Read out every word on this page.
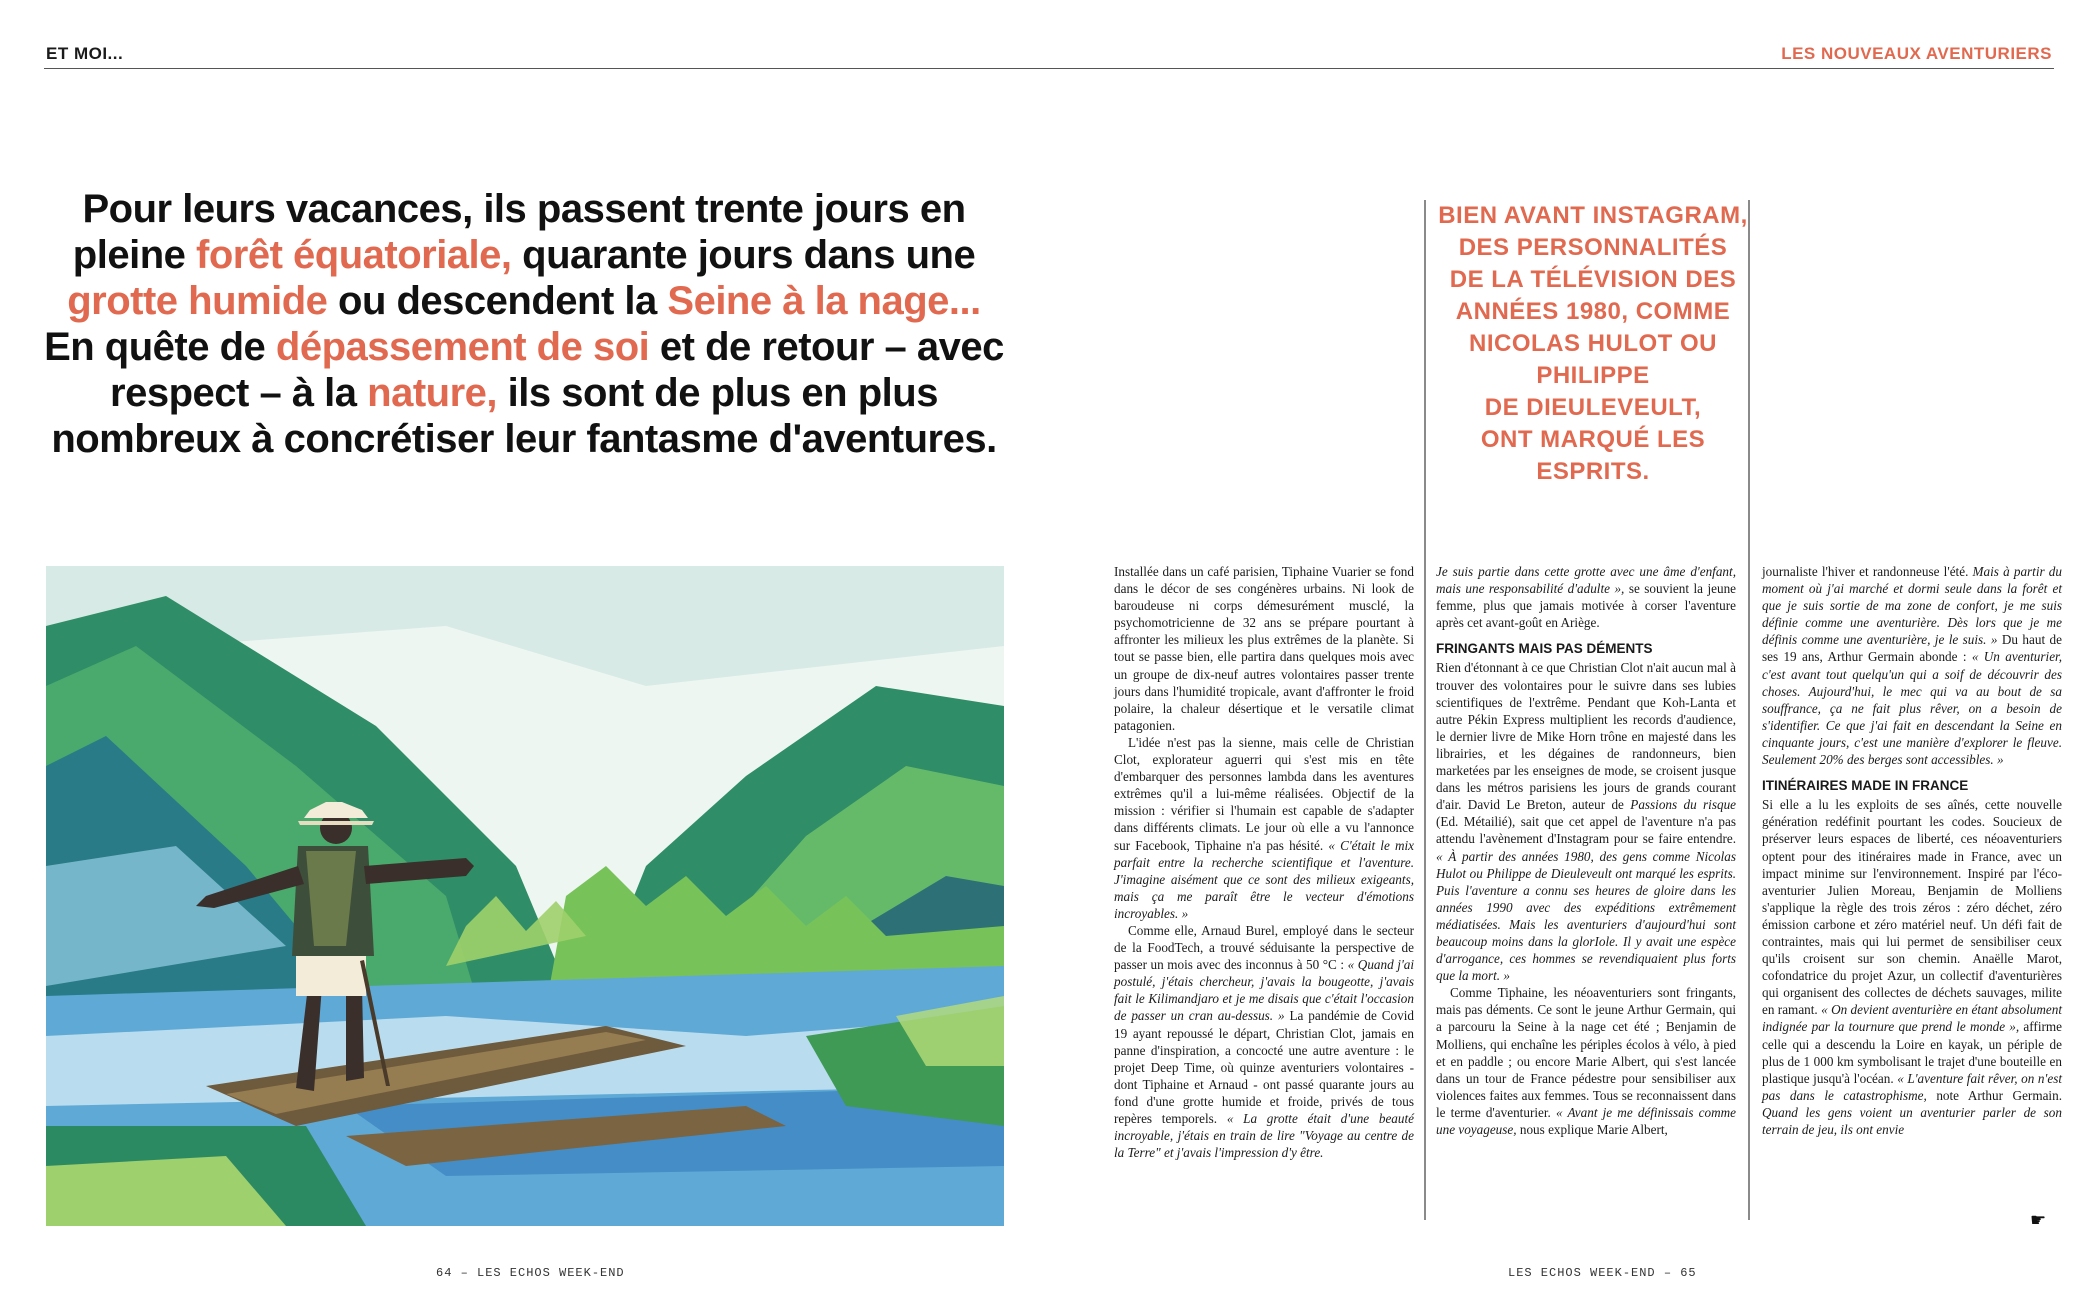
ET MOI...	LES NOUVEAUX AVENTURIERS
Pour leurs vacances, ils passent trente jours en pleine forêt équatoriale, quarante jours dans une grotte humide ou descendent la Seine à la nage...
En quête de dépassement de soi et de retour – avec respect – à la nature, ils sont de plus en plus nombreux à concrétiser leur fantasme d'aventures.
BIEN AVANT INSTAGRAM,
DES PERSONNALITÉS
DE LA TÉLÉVISION DES
ANNÉES 1980, COMME
NICOLAS HULOT OU PHILIPPE
DE DIEULEVEULT,
ONT MARQUÉ LES ESPRITS.

Installée dans un café parisien, Tiphaine Vuarier se fond dans le décor de ses congénères urbains. Ni look de baroudeuse ni corps démesurément musclé, la psychomotricienne de 32 ans se prépare pourtant à affronter les milieux les plus extrêmes de la planète. Si tout se passe bien, elle partira dans quelques mois avec un groupe de dix-neuf autres volontaires passer trente jours dans l'humidité tropicale, avant d'affronter le froid polaire, la chaleur désertique et le versatile climat patagonien.

L'idée n'est pas la sienne, mais celle de Christian Clot, explorateur aguerri qui s'est mis en tête d'embarquer des personnes lambda dans les aventures extrêmes qu'il a lui-même réalisées. Objectif de la mission : vérifier si l'humain est capable de s'adapter dans différents climats. Le jour où elle a vu l'annonce sur Facebook, Tiphaine n'a pas hésité. « C'était le mix parfait entre la recherche scientifique et l'aventure. J'imagine aisément que ce sont des milieux exigeants, mais ça me paraît être le vecteur d'émotions incroyables. »

Comme elle, Arnaud Burel, employé dans le secteur de la FoodTech, a trouvé séduisante la perspective de passer un mois avec des inconnus à 50 °C : « Quand j'ai postulé, j'étais chercheur, j'avais la bougeotte, j'avais fait le Kilimandjaro et je me disais que c'était l'occasion de passer un cran au-dessus. » La pandémie de Covid 19 ayant repoussé le départ, Christian Clot, jamais en panne d'inspiration, a concocté une autre aventure : le projet Deep Time, où quinze aventuriers volontaires - dont Tiphaine et Arnaud - ont passé quarante jours au fond d'une grotte humide et froide, privés de tous repères temporels. « La grotte était d'une beauté incroyable, j'étais en train de lire "Voyage au centre de la Terre" et j'avais l'impression d'y être.

Je suis partie dans cette grotte avec une âme d'enfant, mais une responsabilité d'adulte », se souvient la jeune femme, plus que jamais motivée à corser l'aventure après cet avant-goût en Ariège.

FRINGANTS MAIS PAS DÉMENTS

Rien d'étonnant à ce que Christian Clot n'ait aucun mal à trouver des volontaires pour le suivre dans ses lubies scientifiques de l'extrême. Pendant que Koh-Lanta et autre Pékin Express multiplient les records d'audience, le dernier livre de Mike Horn trône en majesté dans les librairies, et les dégaines de randonneurs, bien marketées par les enseignes de mode, se croisent jusque dans les métros parisiens les jours de grands courant d'air. David Le Breton, auteur de Passions du risque (Ed. Métailié), sait que cet appel de l'aventure n'a pas attendu l'avènement d'Instagram pour se faire entendre. « À partir des années 1980, des gens comme Nicolas Hulot ou Philippe de Dieuleveult ont marqué les esprits. Puis l'aventure a connu ses heures de gloire dans les années 1990 avec des expéditions extrêmement médiatisées. Mais les aventuriers d'aujourd'hui sont beaucoup moins dans la glorIole. Il y avait une espèce d'arrogance, ces hommes se revendiquaient plus forts que la mort. »

Comme Tiphaine, les néoaventuriers sont fringants, mais pas déments. Ce sont le jeune Arthur Germain, qui a parcouru la Seine à la nage cet été ; Benjamin de Molliens, qui enchaîne les périples écolos à vélo, à pied et en paddle ; ou encore Marie Albert, qui s'est lancée dans un tour de France pédestre pour sensibiliser aux violences faites aux femmes. Tous se reconnaissent dans le terme d'aventurier. « Avant je me définissais comme une voyageuse, nous explique Marie Albert,

journaliste l'hiver et randonneuse l'été. Mais à partir du moment où j'ai marché et dormi seule dans la forêt et que je suis sortie de ma zone de confort, je me suis définie comme une aventurière. Dès lors que je me définis comme une aventurière, je le suis. » Du haut de ses 19 ans, Arthur Germain abonde : « Un aventurier, c'est avant tout quelqu'un qui a soif de découvrir des choses. Aujourd'hui, le mec qui va au bout de sa souffrance, ça ne fait plus rêver, on a besoin de s'identifier. Ce que j'ai fait en descendant la Seine en cinquante jours, c'est une manière d'explorer le fleuve. Seulement 20% des berges sont accessibles. »

ITINÉRAIRES MADE IN FRANCE

Si elle a lu les exploits de ses aînés, cette nouvelle génération redéfinit pourtant les codes. Soucieux de préserver leurs espaces de liberté, ces néoaventuriers optent pour des itinéraires made in France, avec un impact minime sur l'environnement. Inspiré par l'éco-aventurier Julien Moreau, Benjamin de Molliens s'applique la règle des trois zéros : zéro déchet, zéro émission carbone et zéro matériel neuf. Un défi fait de contraintes, mais qui lui permet de sensibiliser ceux qu'ils croisent sur son chemin. Anaëlle Marot, cofondatrice du projet Azur, un collectif d'aventurières qui organisent des collectes de déchets sauvages, milite en ramant. « On devient aventurière en étant absolument indignée par la tournure que prend le monde », affirme celle qui a descendu la Loire en kayak, un périple de plus de 1 000 km symbolisant le trajet d'une bouteille en plastique jusqu'à l'océan. « L'aventure fait rêver, on n'est pas dans le catastrophisme, note Arthur Germain. Quand les gens voient un aventurier parler de son terrain de jeu, ils ont envie

☛
64 – LES ECHOS WEEK-END	LES ECHOS WEEK-END – 65
